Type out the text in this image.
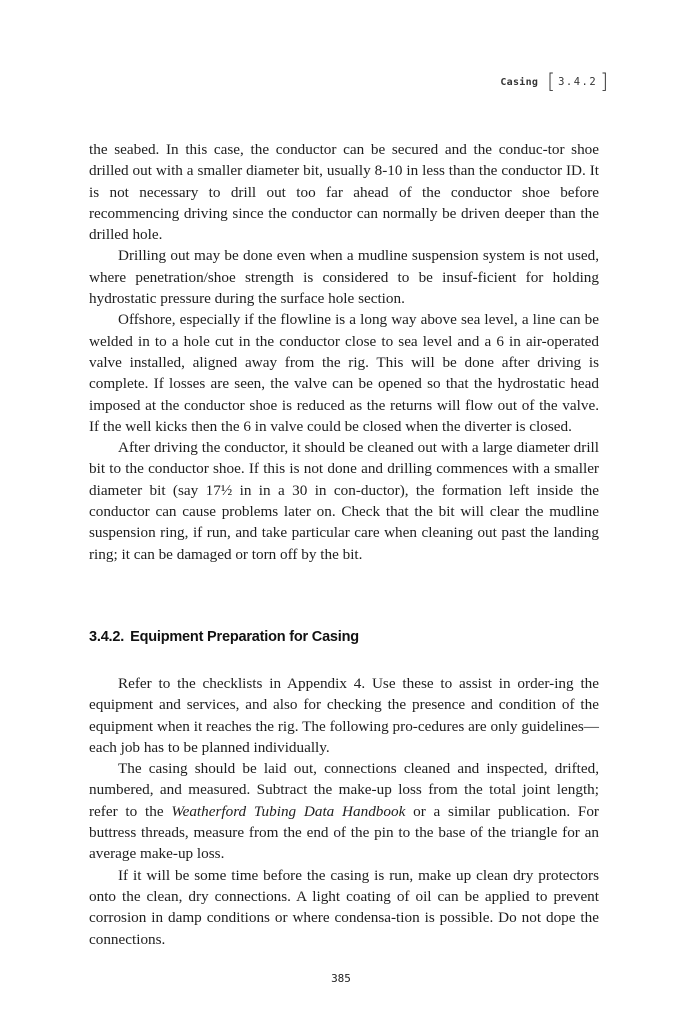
Casing [ 3.4.2 ]

the seabed. In this case, the conductor can be secured and the conduc-tor shoe drilled out with a smaller diameter bit, usually 8-10 in less than the conductor ID. It is not necessary to drill out too far ahead of the conductor shoe before recommencing driving since the conductor can normally be driven deeper than the drilled hole.

Drilling out may be done even when a mudline suspension system is not used, where penetration/shoe strength is considered to be insuf-ficient for holding hydrostatic pressure during the surface hole section.

Offshore, especially if the flowline is a long way above sea level, a line can be welded in to a hole cut in the conductor close to sea level and a 6 in air-operated valve installed, aligned away from the rig. This will be done after driving is complete. If losses are seen, the valve can be opened so that the hydrostatic head imposed at the conductor shoe is reduced as the returns will flow out of the valve. If the well kicks then the 6 in valve could be closed when the diverter is closed.

After driving the conductor, it should be cleaned out with a large diameter drill bit to the conductor shoe. If this is not done and drilling commences with a smaller diameter bit (say 17½ in in a 30 in con-ductor), the formation left inside the conductor can cause problems later on. Check that the bit will clear the mudline suspension ring, if run, and take particular care when cleaning out past the landing ring; it can be damaged or torn off by the bit.

3.4.2. Equipment Preparation for Casing

Refer to the checklists in Appendix 4. Use these to assist in order-ing the equipment and services, and also for checking the presence and condition of the equipment when it reaches the rig. The following pro-cedures are only guidelines—each job has to be planned individually.

The casing should be laid out, connections cleaned and inspected, drifted, numbered, and measured. Subtract the make-up loss from the total joint length; refer to the Weatherford Tubing Data Handbook or a similar publication. For buttress threads, measure from the end of the pin to the base of the triangle for an average make-up loss.

If it will be some time before the casing is run, make up clean dry protectors onto the clean, dry connections. A light coating of oil can be applied to prevent corrosion in damp conditions or where condensa-tion is possible. Do not dope the connections.

385
